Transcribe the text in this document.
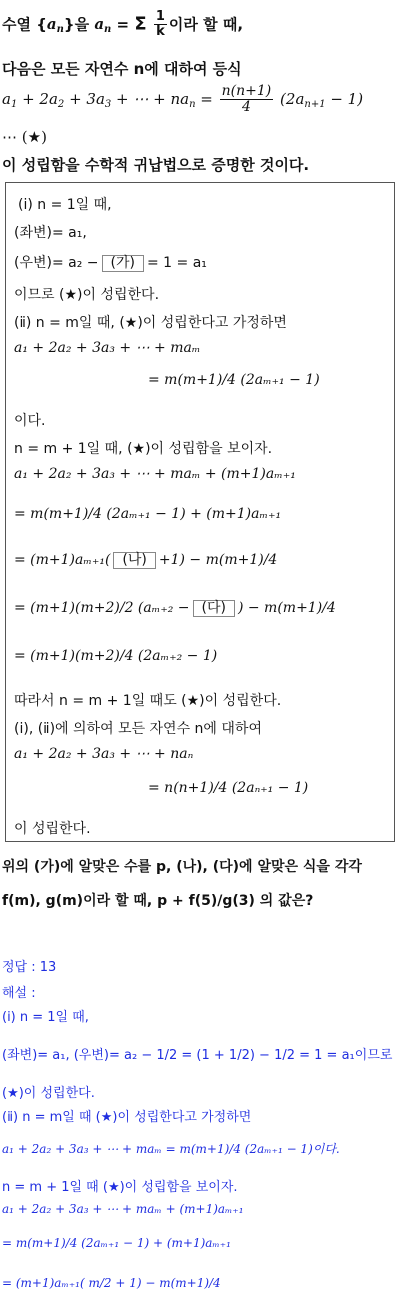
수열 $\{a_n\}$을 $a_n = \Sigma \frac{1}{k}$ 이라 할 때,
다음은 모든 자연수 n에 대하여 등식
$a_1 + 2a_2 + 3a_3$ + ⋯ + $na_n = \frac{n(n+1)}{4} (2a_{n+1} - 1)$
⋯ (★)
이 성립함을 수학적 귀납법으로 증명한 것이다.
(ⅰ) n = 1일 때,
(좌변)= a₁,
(우변)= a₂ − (가) = 1 = a₁
이므로 (★)이 성립한다.
(ⅱ) n = m일 때, (★)이 성립한다고 가정하면
a₁ + 2a₂ + 3a₃ + ⋯ + maₘ
= m(m+1)/4 (2aₘ₊₁ − 1)
이다.
n = m + 1일 때, (★)이 성립함을 보이자.
a₁ + 2a₂ + 3a₃ + ⋯ + maₘ + (m+1)aₘ₊₁
= m(m+1)/4 (2aₘ₊₁ − 1) + (m+1)aₘ₊₁
= (m+1)aₘ₊₁( (나) +1) − m(m+1)/4
= (m+1)(m+2)/2 (aₘ₊₂ − (다) ) − m(m+1)/4
= (m+1)(m+2)/4 (2aₘ₊₂ − 1)
따라서 n = m + 1일 때도 (★)이 성립한다.
(ⅰ), (ⅱ)에 의하여 모든 자연수 n에 대하여
a₁ + 2a₂ + 3a₃ + ⋯ + naₙ
= n(n+1)/4 (2aₙ₊₁ − 1)
이 성립한다.
위의 (가)에 알맞은 수를 p, (나), (다)에 알맞은 식을 각각
f(m), g(m)이라 할 때, p + f(5)/g(3) 의 값은?
정답 : 13
해설 :
(ⅰ) n = 1일 때,
(좌변)= a₁, (우변)= a₂ − 1/2 = (1 + 1/2) − 1/2 = 1 = a₁이므로
(★)이 성립한다.
(ⅱ) n = m일 때 (★)이 성립한다고 가정하면
a₁ + 2a₂ + 3a₃ + ⋯ + maₘ = m(m+1)/4 (2aₘ₊₁ − 1)이다.
n = m + 1일 때 (★)이 성립함을 보이자.
a₁ + 2a₂ + 3a₃ + ⋯ + maₘ + (m+1)aₘ₊₁
= m(m+1)/4 (2aₘ₊₁ − 1) + (m+1)aₘ₊₁
= (m+1)aₘ₊₁( m/2 + 1) − m(m+1)/4
